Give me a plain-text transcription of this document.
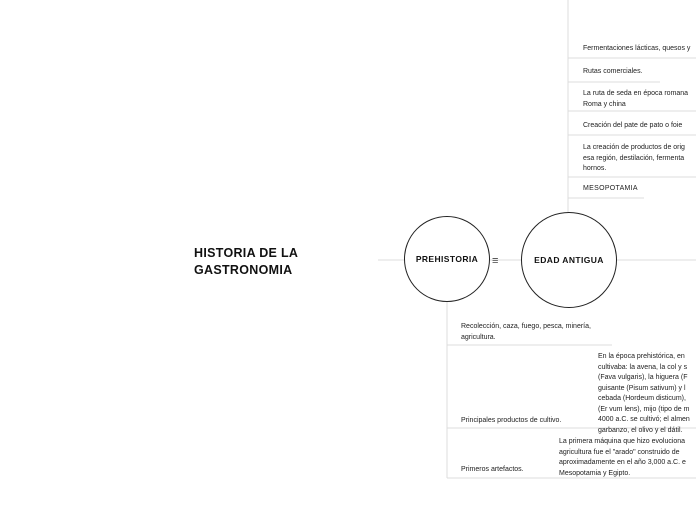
HISTORIA DE LA GASTRONOMIA
PREHISTORIA ≡	EDAD ANTIGUA
Fermentaciones lácticas, quesos y
Rutas comerciales.
La ruta de seda en época romana
Roma y china
Creación del pate de pato o foie
La creación de productos de orig
esa región, destilación, fermenta
hornos.
MESOPOTAMIA
Recolección, caza, fuego, pesca, minería, agricultura.
Principales productos de cultivo.
En la época prehistórica, en
cultivaba: la avena, la col y s
(Fava vulgaris), la higuera (F
guisante (Pisum sativum) y l
cebada (Hordeum disticum),
(Er vum lens), mijo (tipo de m
4000 a.C. se cultivó; el almen
garbanzo, el olivo y el dátil.
Primeros artefactos.
La primera máquina que hizo evoluciona
agricultura fue el "arado" construido de
aproximadamente en el año 3,000 a.C. e
Mesopotamia y Egipto.
